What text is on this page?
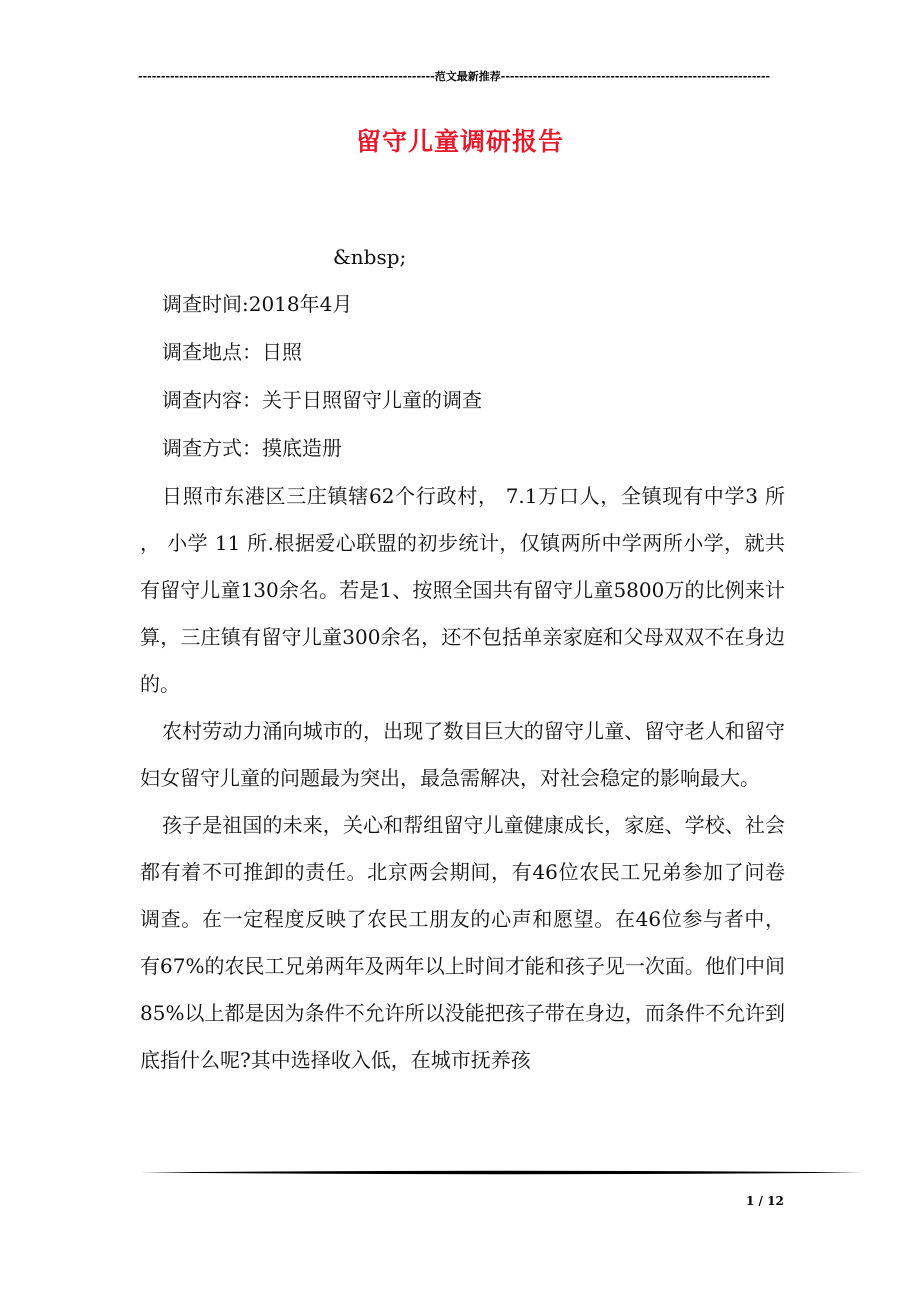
-----------------------------------------------------------------范文最新推荐-----------------------------------------------------------
留守儿童调研报告
&nbsp;
调查时间:2018年4月
调查地点：日照
调查内容：关于日照留守儿童的调查
调查方式：摸底造册
日照市东港区三庄镇辖62个行政村， 7.1万口人，全镇现有中学3 所 ， 小学 11 所.根据爱心联盟的初步统计，仅镇两所中学两所小学，就共有留守儿童130余名。若是1、按照全国共有留守儿童5800万的比例来计算，三庄镇有留守儿童300余名，还不包括单亲家庭和父母双双不在身边的。
农村劳动力涌向城市的，出现了数目巨大的留守儿童、留守老人和留守妇女留守儿童的问题最为突出，最急需解决，对社会稳定的影响最大。
孩子是祖国的未来，关心和帮组留守儿童健康成长，家庭、学校、社会都有着不可推卸的责任。北京两会期间，有46位农民工兄弟参加了问卷调查。在一定程度反映了农民工朋友的心声和愿望。在46位参与者中，有67%的农民工兄弟两年及两年以上时间才能和孩子见一次面。他们中间85%以上都是因为条件不允许所以没能把孩子带在身边，而条件不允许到底指什么呢?其中选择收入低，在城市抚养孩
1 / 12
